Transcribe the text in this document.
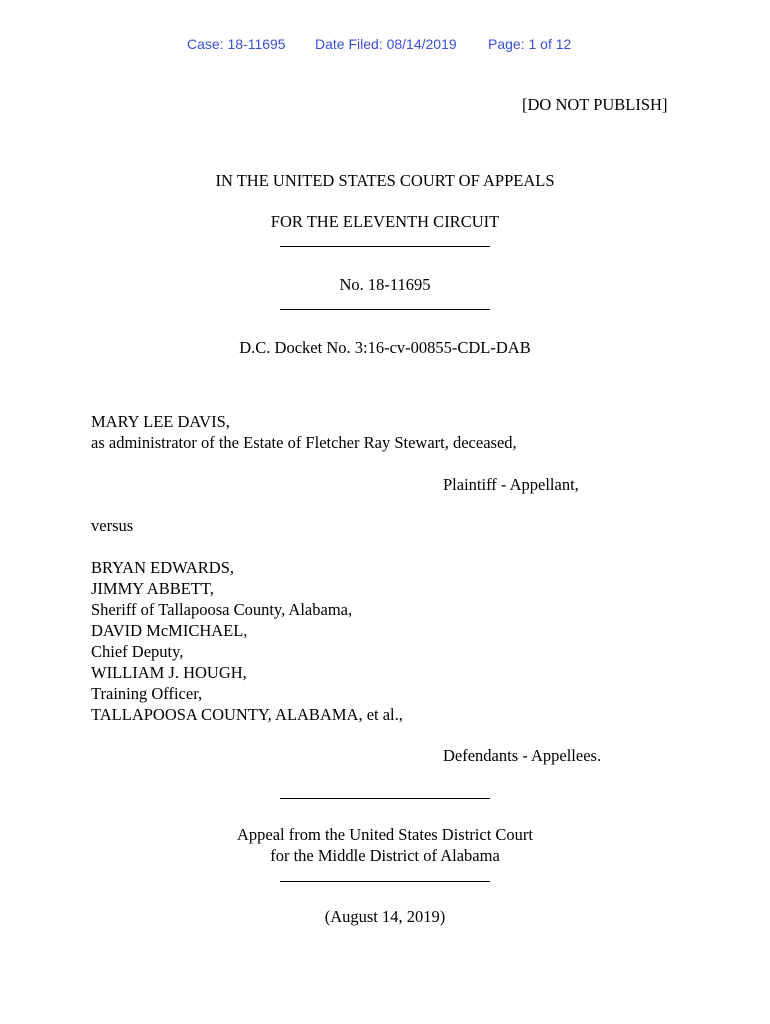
Case: 18-11695 Date Filed: 08/14/2019 Page: 1 of 12
[DO NOT PUBLISH]
IN THE UNITED STATES COURT OF APPEALS
FOR THE ELEVENTH CIRCUIT
No. 18-11695
D.C. Docket No. 3:16-cv-00855-CDL-DAB
MARY LEE DAVIS,
as administrator of the Estate of Fletcher Ray Stewart, deceased,
Plaintiff - Appellant,
versus
BRYAN EDWARDS,
JIMMY ABBETT,
Sheriff of Tallapoosa County, Alabama,
DAVID McMICHAEL,
Chief Deputy,
WILLIAM J. HOUGH,
Training Officer,
TALLAPOOSA COUNTY, ALABAMA, et al.,
Defendants - Appellees.
Appeal from the United States District Court
for the Middle District of Alabama
(August 14, 2019)
